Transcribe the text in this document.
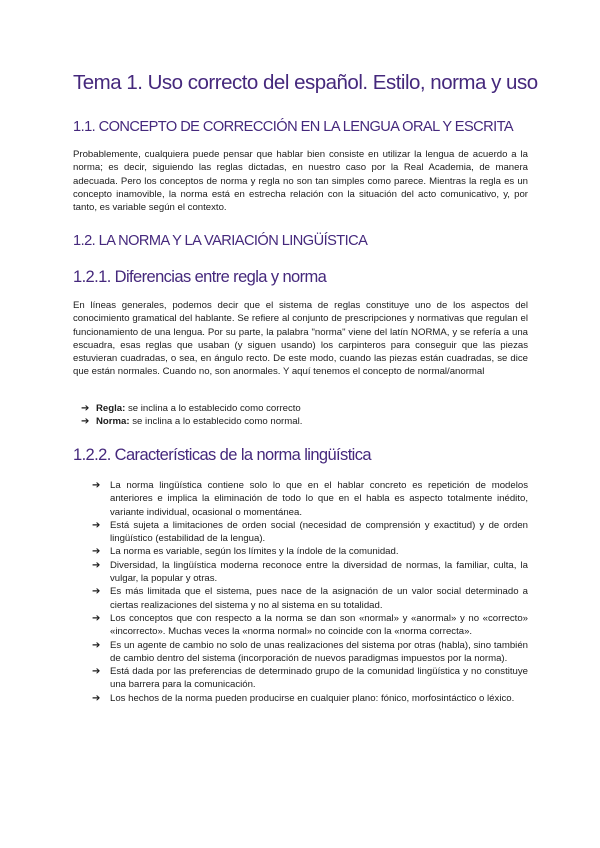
Tema 1. Uso correcto del español. Estilo, norma y uso
1.1. CONCEPTO DE CORRECCIÓN EN LA LENGUA ORAL Y ESCRITA

Probablemente, cualquiera puede pensar que hablar bien consiste en utilizar la lengua de acuerdo a la norma; es decir, siguiendo las reglas dictadas, en nuestro caso por la Real Academia, de manera adecuada. Pero los conceptos de norma y regla no son tan simples como parece. Mientras la regla es un concepto inamovible, la norma está en estrecha relación con la situación del acto comunicativo, y, por tanto, es variable según el contexto.

1.2. LA NORMA Y LA VARIACIÓN LINGÜÍSTICA
1.2.1. Diferencias entre regla y norma

En líneas generales, podemos decir que el sistema de reglas constituye uno de los aspectos del conocimiento gramatical del hablante. Se refiere al conjunto de prescripciones y normativas que regulan el funcionamiento de una lengua. Por su parte, la palabra "norma" viene del latín NORMA, y se refería a una escuadra, esas reglas que usaban (y siguen usando) los carpinteros para conseguir que las piezas estuvieran cuadradas, o sea, en ángulo recto. De este modo, cuando las piezas están cuadradas, se dice que están normales. Cuando no, son anormales. Y aquí tenemos el concepto de normal/anormal

➔ Regla: se inclina a lo establecido como correcto
➔ Norma: se inclina a lo establecido como normal.
1.2.2. Características de la norma lingüística
➔	La norma lingüística contiene solo lo que en el hablar concreto es repetición de modelos anteriores e implica la eliminación de todo lo que en el habla es aspecto totalmente inédito, variante individual, ocasional o momentánea.
➔	Está sujeta a limitaciones de orden social (necesidad de comprensión y exactitud) y de orden lingüístico (estabilidad de la lengua).
➔	La norma es variable, según los límites y la índole de la comunidad.
➔	Diversidad, la lingüística moderna reconoce entre la diversidad de normas, la familiar, culta, la vulgar, la popular y otras.
➔	Es más limitada que el sistema, pues nace de la asignación de un valor social determinado a ciertas realizaciones del sistema y no al sistema en su totalidad.
➔	Los conceptos que con respecto a la norma se dan son «normal» y «anormal» y no «correcto» «incorrecto». Muchas veces la «norma normal» no coincide con la «norma correcta».
➔	Es un agente de cambio no solo de unas realizaciones del sistema por otras (habla), sino también de cambio dentro del sistema (incorporación de nuevos paradigmas impuestos por la norma).
➔	Está dada por las preferencias de determinado grupo de la comunidad lingüística y no constituye una barrera para la comunicación.
➔	Los hechos de la norma pueden producirse en cualquier plano: fónico, morfosintáctico o léxico.
